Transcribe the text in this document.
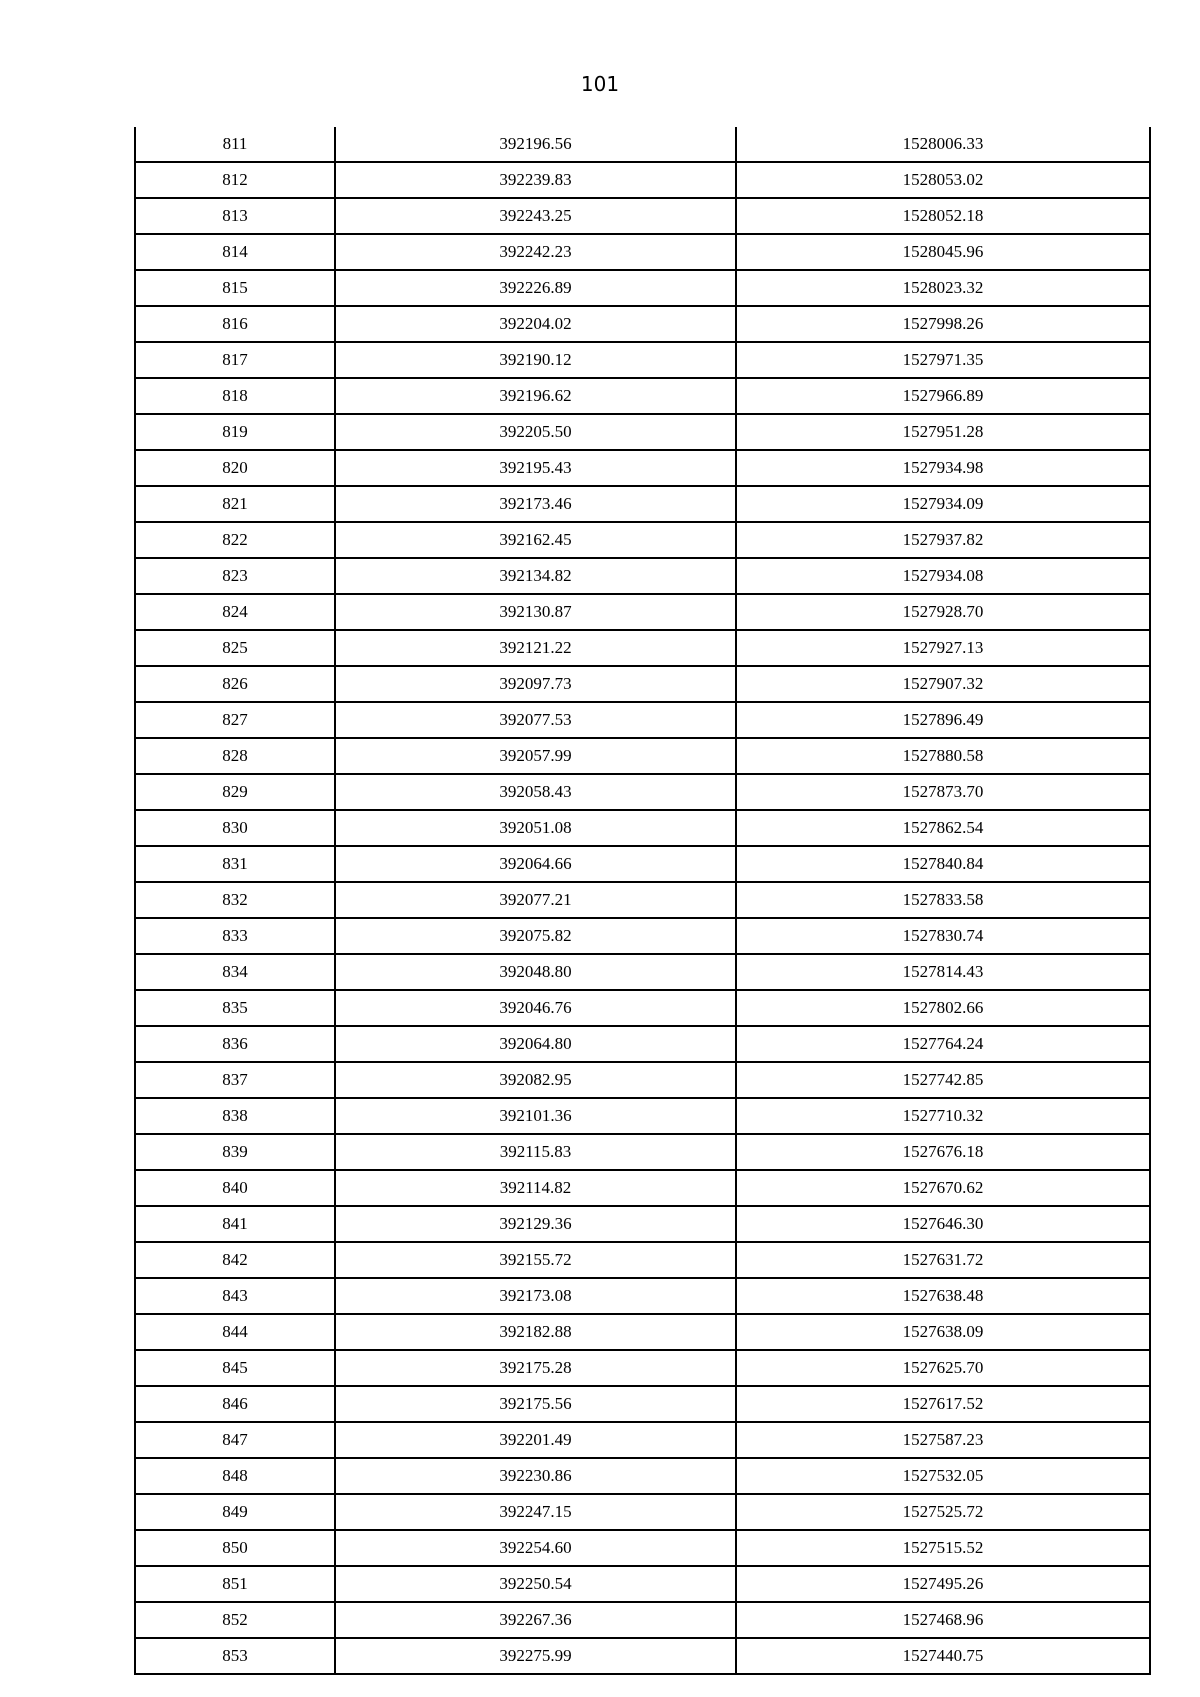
101
811	392196.56	1528006.33
812	392239.83	1528053.02
813	392243.25	1528052.18
814	392242.23	1528045.96
815	392226.89	1528023.32
816	392204.02	1527998.26
817	392190.12	1527971.35
818	392196.62	1527966.89
819	392205.50	1527951.28
820	392195.43	1527934.98
821	392173.46	1527934.09
822	392162.45	1527937.82
823	392134.82	1527934.08
824	392130.87	1527928.70
825	392121.22	1527927.13
826	392097.73	1527907.32
827	392077.53	1527896.49
828	392057.99	1527880.58
829	392058.43	1527873.70
830	392051.08	1527862.54
831	392064.66	1527840.84
832	392077.21	1527833.58
833	392075.82	1527830.74
834	392048.80	1527814.43
835	392046.76	1527802.66
836	392064.80	1527764.24
837	392082.95	1527742.85
838	392101.36	1527710.32
839	392115.83	1527676.18
840	392114.82	1527670.62
841	392129.36	1527646.30
842	392155.72	1527631.72
843	392173.08	1527638.48
844	392182.88	1527638.09
845	392175.28	1527625.70
846	392175.56	1527617.52
847	392201.49	1527587.23
848	392230.86	1527532.05
849	392247.15	1527525.72
850	392254.60	1527515.52
851	392250.54	1527495.26
852	392267.36	1527468.96
853	392275.99	1527440.75
